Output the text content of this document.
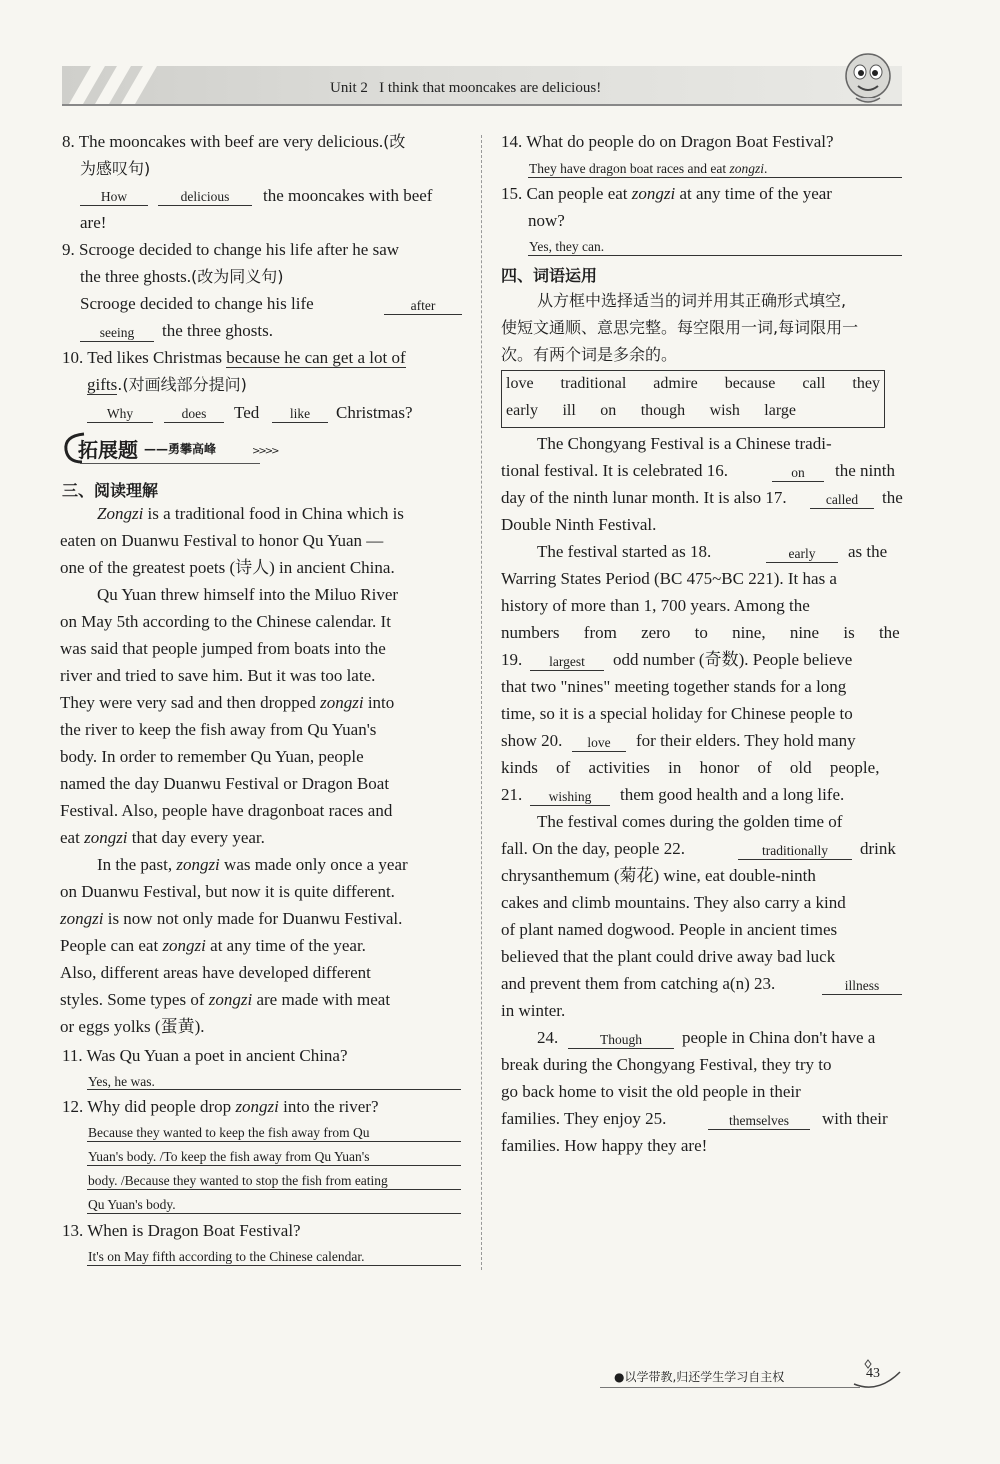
Unit 2 I think that mooncakes are delicious!
8. The mooncakes with beef are very delicious.(改
为感叹句)
How	delicious	the mooncakes with beef
are!
9. Scrooge decided to change his life after he saw
the three ghosts.(改为同义句)
Scrooge decided to change his life	after
seeing	the three ghosts.
10. Ted likes Christmas because he can get a lot of
gifts.(对画线部分提问)
Why	does	Ted	like	Christmas?
拓展题 ——勇攀高峰	>>>>
三、阅读理解
Zongzi is a traditional food in China which is
eaten on Duanwu Festival to honor Qu Yuan —
one of the greatest poets (诗人) in ancient China.
Qu Yuan threw himself into the Miluo River
on May 5th according to the Chinese calendar. It
was said that people jumped from boats into the
river and tried to save him. But it was too late.
They were very sad and then dropped zongzi into
the river to keep the fish away from Qu Yuan's
body. In order to remember Qu Yuan, people
named the day Duanwu Festival or Dragon Boat
Festival. Also, people have dragonboat races and
eat zongzi that day every year.
In the past, zongzi was made only once a year
on Duanwu Festival, but now it is quite different.
zongzi is now not only made for Duanwu Festival.
People can eat zongzi at any time of the year.
Also, different areas have developed different
styles. Some types of zongzi are made with meat
or eggs yolks (蛋黄).
11. Was Qu Yuan a poet in ancient China?
Yes, he was.
12. Why did people drop zongzi into the river?
Because they wanted to keep the fish away from Qu
Yuan's body. /To keep the fish away from Qu Yuan's
body. /Because they wanted to stop the fish from eating
Qu Yuan's body.
13. When is Dragon Boat Festival?
It's on May fifth according to the Chinese calendar.
14. What do people do on Dragon Boat Festival?
They have dragon boat races and eat zongzi.
15. Can people eat zongzi at any time of the year
now?
Yes, they can.
四、词语运用
从方框中选择适当的词并用其正确形式填空,
使短文通顺、意思完整。每空限用一词,每词限用一
次。有两个词是多余的。
love traditional admire because call they
early ill on though wish large
The Chongyang Festival is a Chinese tradi-
tional festival. It is celebrated 16.	on	the ninth
day of the ninth lunar month. It is also 17.	called	the
Double Ninth Festival.
The festival started as 18.	early	as the
Warring States Period (BC 475~BC 221). It has a
history of more than 1, 700 years. Among the
numbers from zero to nine, nine is the
19.	largest	odd number (奇数). People believe
that two "nines" meeting together stands for a long
time, so it is a special holiday for Chinese people to
show 20.	love	for their elders. They hold many
kinds of activities in honor of old people,
21.	wishing	them good health and a long life.
The festival comes during the golden time of
fall. On the day, people 22.	traditionally	drink
chrysanthemum (菊花) wine, eat double-ninth
cakes and climb mountains. They also carry a kind
of plant named dogwood. People in ancient times
believed that the plant could drive away bad luck
and prevent them from catching a(n) 23.	illness
in winter.
24.	Though	people in China don't have a
break during the Chongyang Festival, they try to
go back home to visit the old people in their
families. They enjoy 25.	themselves	with their
families. How happy they are!
●以学带教,归还学生学习自主权	43
